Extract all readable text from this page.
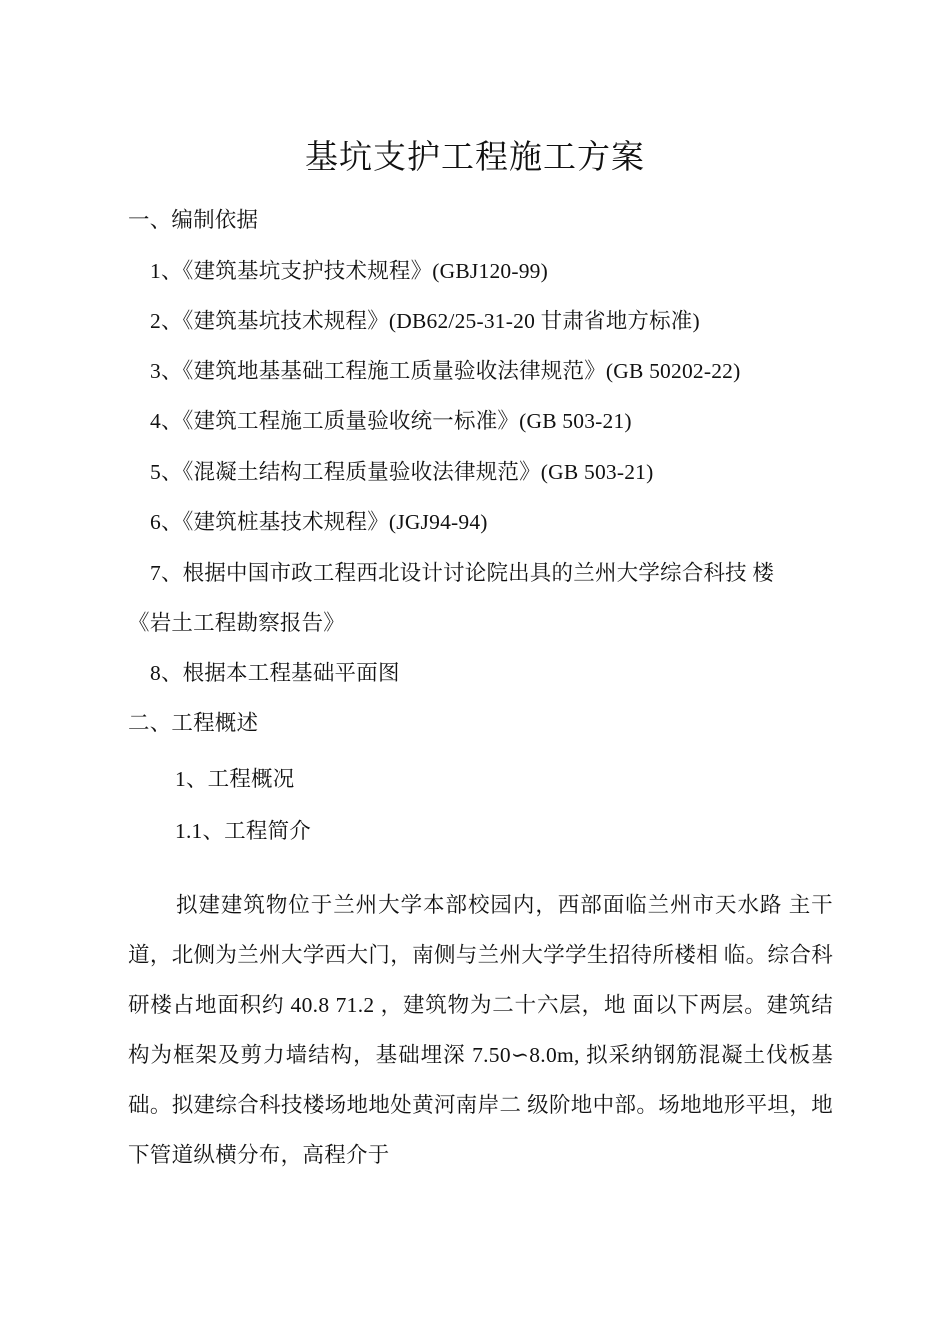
基坑支护工程施工方案
一、编制依据
1、《建筑基坑支护技术规程》(GBJ120-99)
2、《建筑基坑技术规程》(DB62/25-31-20 甘肃省地方标准)
3、《建筑地基基础工程施工质量验收法律规范》(GB 50202-22)
4、《建筑工程施工质量验收统一标准》(GB 503-21)
5、《混凝土结构工程质量验收法律规范》(GB 503-21)
6、《建筑桩基技术规程》(JGJ94-94)
7、根据中国市政工程西北设计讨论院出具的兰州大学综合科技 楼
《岩土工程勘察报告》
8、根据本工程基础平面图
二、工程概述
1、工程概况
1.1、工程简介

拟建建筑物位于兰州大学本部校园内，西部面临兰州市天水路 主干道，北侧为兰州大学西大门，南侧与兰州大学学生招待所楼相 临。综合科研楼占地面积约 40.8 71.2 ，建筑物为二十六层，地 面以下两层。建筑结构为框架及剪力墙结构，基础埋深 7.50∽8.0m, 拟采纳钢筋混凝土伐板基础。拟建综合科技楼场地地处黄河南岸二 级阶地中部。场地地形平坦，地下管道纵横分布，高程介于
